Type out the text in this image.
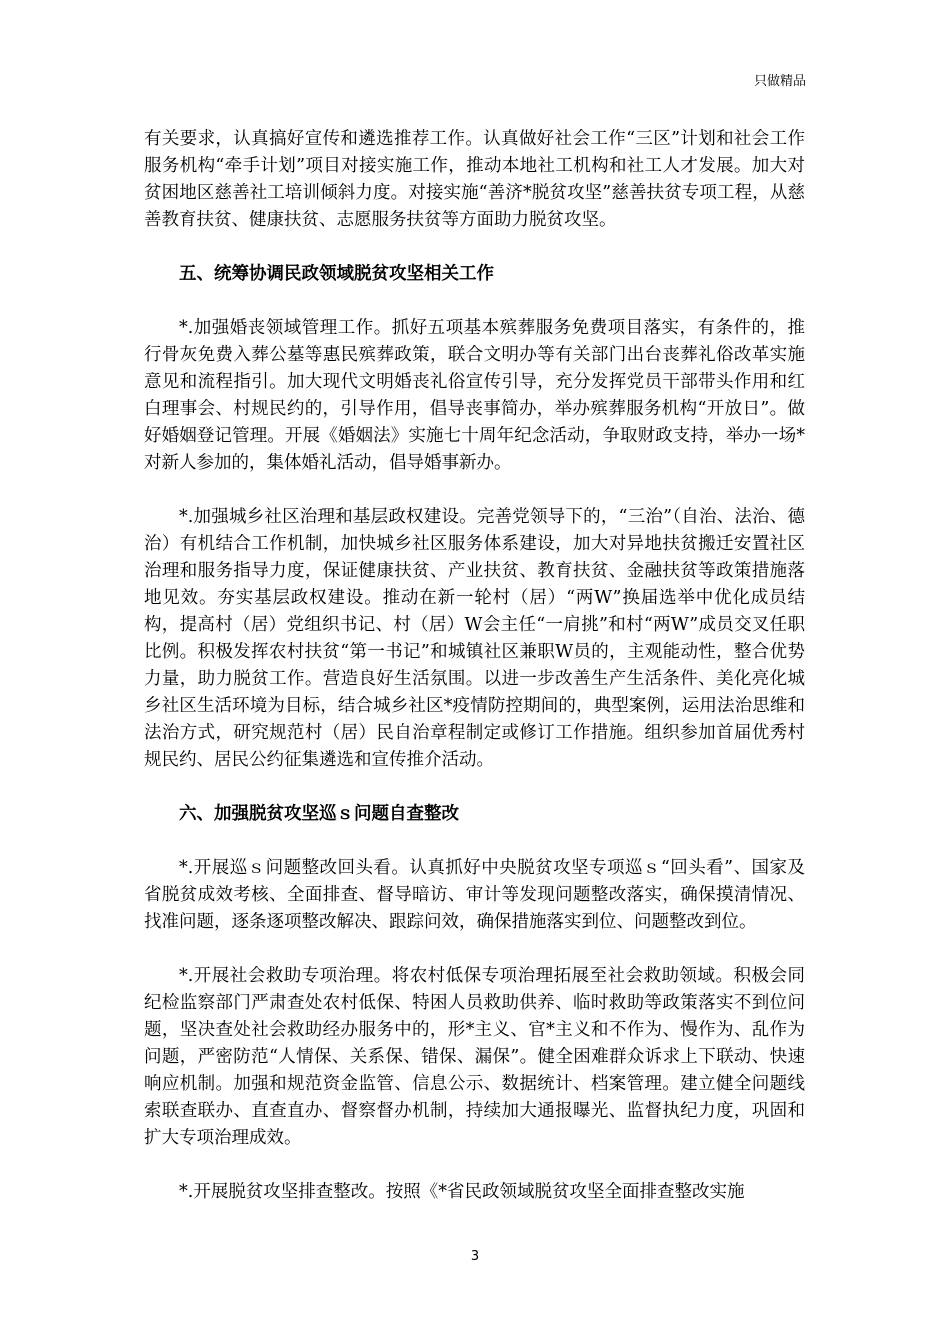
只做精品

有关要求，认真搞好宣传和遴选推荐工作。认真做好社会工作“三区”计划和社会工作服务机构“牵手计划”项目对接实施工作，推动本地社工机构和社工人才发展。加大对贫困地区慈善社工培训倾斜力度。对接实施“善济*脱贫攻坚”慈善扶贫专项工程，从慈善教育扶贫、健康扶贫、志愿服务扶贫等方面助力脱贫攻坚。

五、统筹协调民政领域脱贫攻坚相关工作

*.加强婚丧领域管理工作。抓好五项基本殡葬服务免费项目落实，有条件的，推行骨灰免费入葬公墓等惠民殡葬政策，联合文明办等有关部门出台丧葬礼俗改革实施意见和流程指引。加大现代文明婚丧礼俗宣传引导，充分发挥党员干部带头作用和红白理事会、村规民约的，引导作用，倡导丧事简办，举办殡葬服务机构“开放日”。做好婚姻登记管理。开展《婚姻法》实施七十周年纪念活动，争取财政支持，举办一场*对新人参加的，集体婚礼活动，倡导婚事新办。

*.加强城乡社区治理和基层政权建设。完善党领导下的，“三治”（自治、法治、德治）有机结合工作机制，加快城乡社区服务体系建设，加大对异地扶贫搬迁安置社区治理和服务指导力度，保证健康扶贫、产业扶贫、教育扶贫、金融扶贫等政策措施落地见效。夯实基层政权建设。推动在新一轮村（居）“两W”换届选举中优化成员结构，提高村（居）党组织书记、村（居）W会主任“一肩挑”和村“两W”成员交叉任职比例。积极发挥农村扶贫“第一书记”和城镇社区兼职W员的，主观能动性，整合优势力量，助力脱贫工作。营造良好生活氛围。以进一步改善生产生活条件、美化亮化城乡社区生活环境为目标，结合城乡社区*疫情防控期间的，典型案例，运用法治思维和法治方式，研究规范村（居）民自治章程制定或修订工作措施。组织参加首届优秀村规民约、居民公约征集遴选和宣传推介活动。

六、加强脱贫攻坚巡ｓ问题自查整改

*.开展巡ｓ问题整改回头看。认真抓好中央脱贫攻坚专项巡ｓ“回头看”、国家及省脱贫成效考核、全面排查、督导暗访、审计等发现问题整改落实，确保摸清情况、找准问题，逐条逐项整改解决、跟踪问效，确保措施落实到位、问题整改到位。

*.开展社会救助专项治理。将农村低保专项治理拓展至社会救助领域。积极会同纪检监察部门严肃查处农村低保、特困人员救助供养、临时救助等政策落实不到位问题，坚决查处社会救助经办服务中的，形*主义、官*主义和不作为、慢作为、乱作为问题，严密防范“人情保、关系保、错保、漏保”。健全困难群众诉求上下联动、快速响应机制。加强和规范资金监管、信息公示、数据统计、档案管理。建立健全问题线索联查联办、直查直办、督察督办机制，持续加大通报曝光、监督执纪力度，巩固和扩大专项治理成效。

*.开展脱贫攻坚排查整改。按照《*省民政领域脱贫攻坚全面排查整改实施

3
